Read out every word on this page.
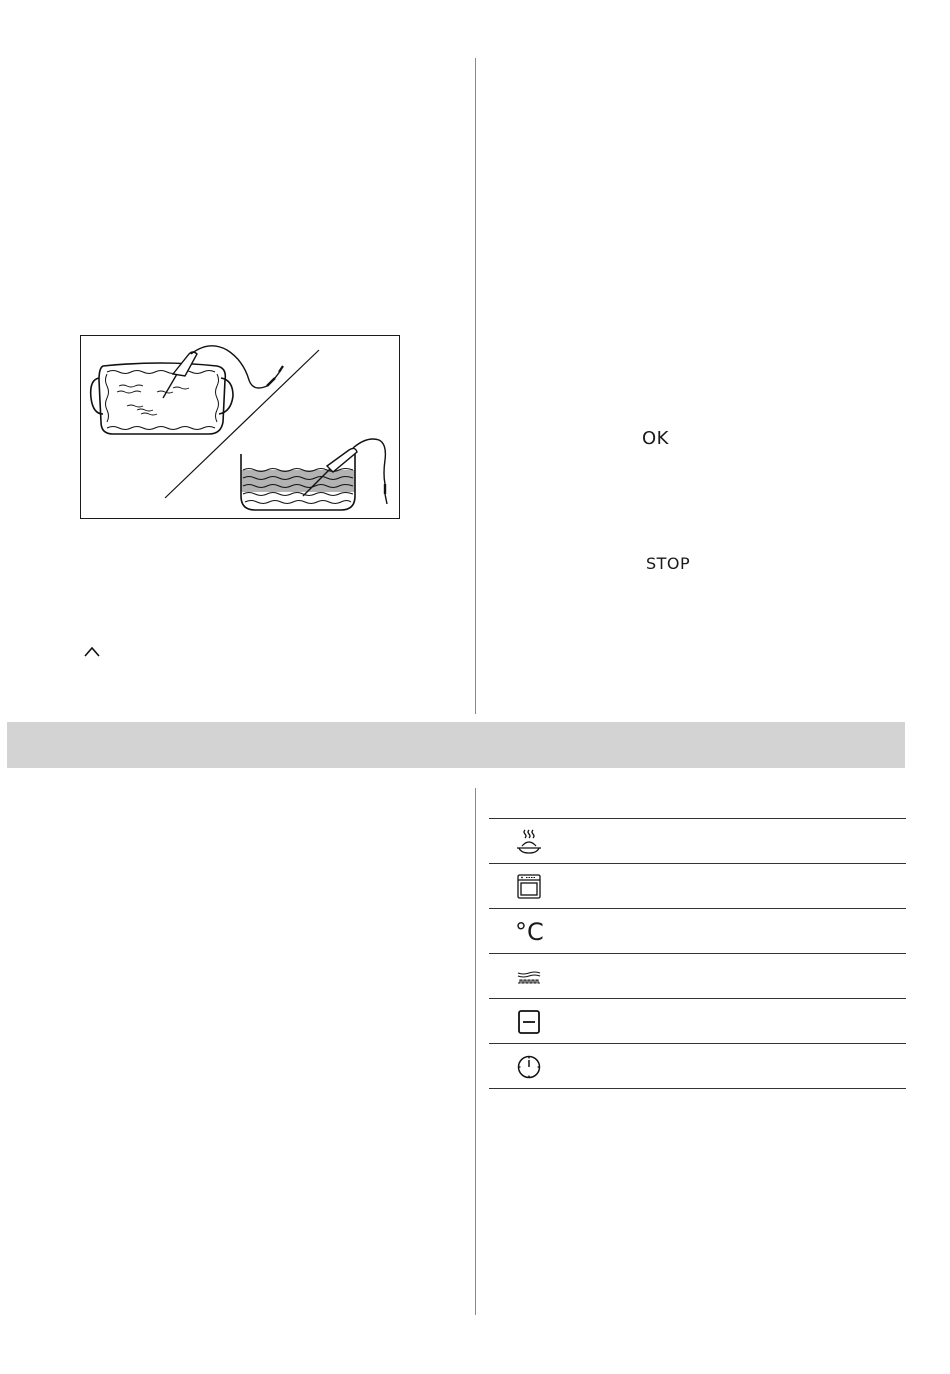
OK
STOP
°C
